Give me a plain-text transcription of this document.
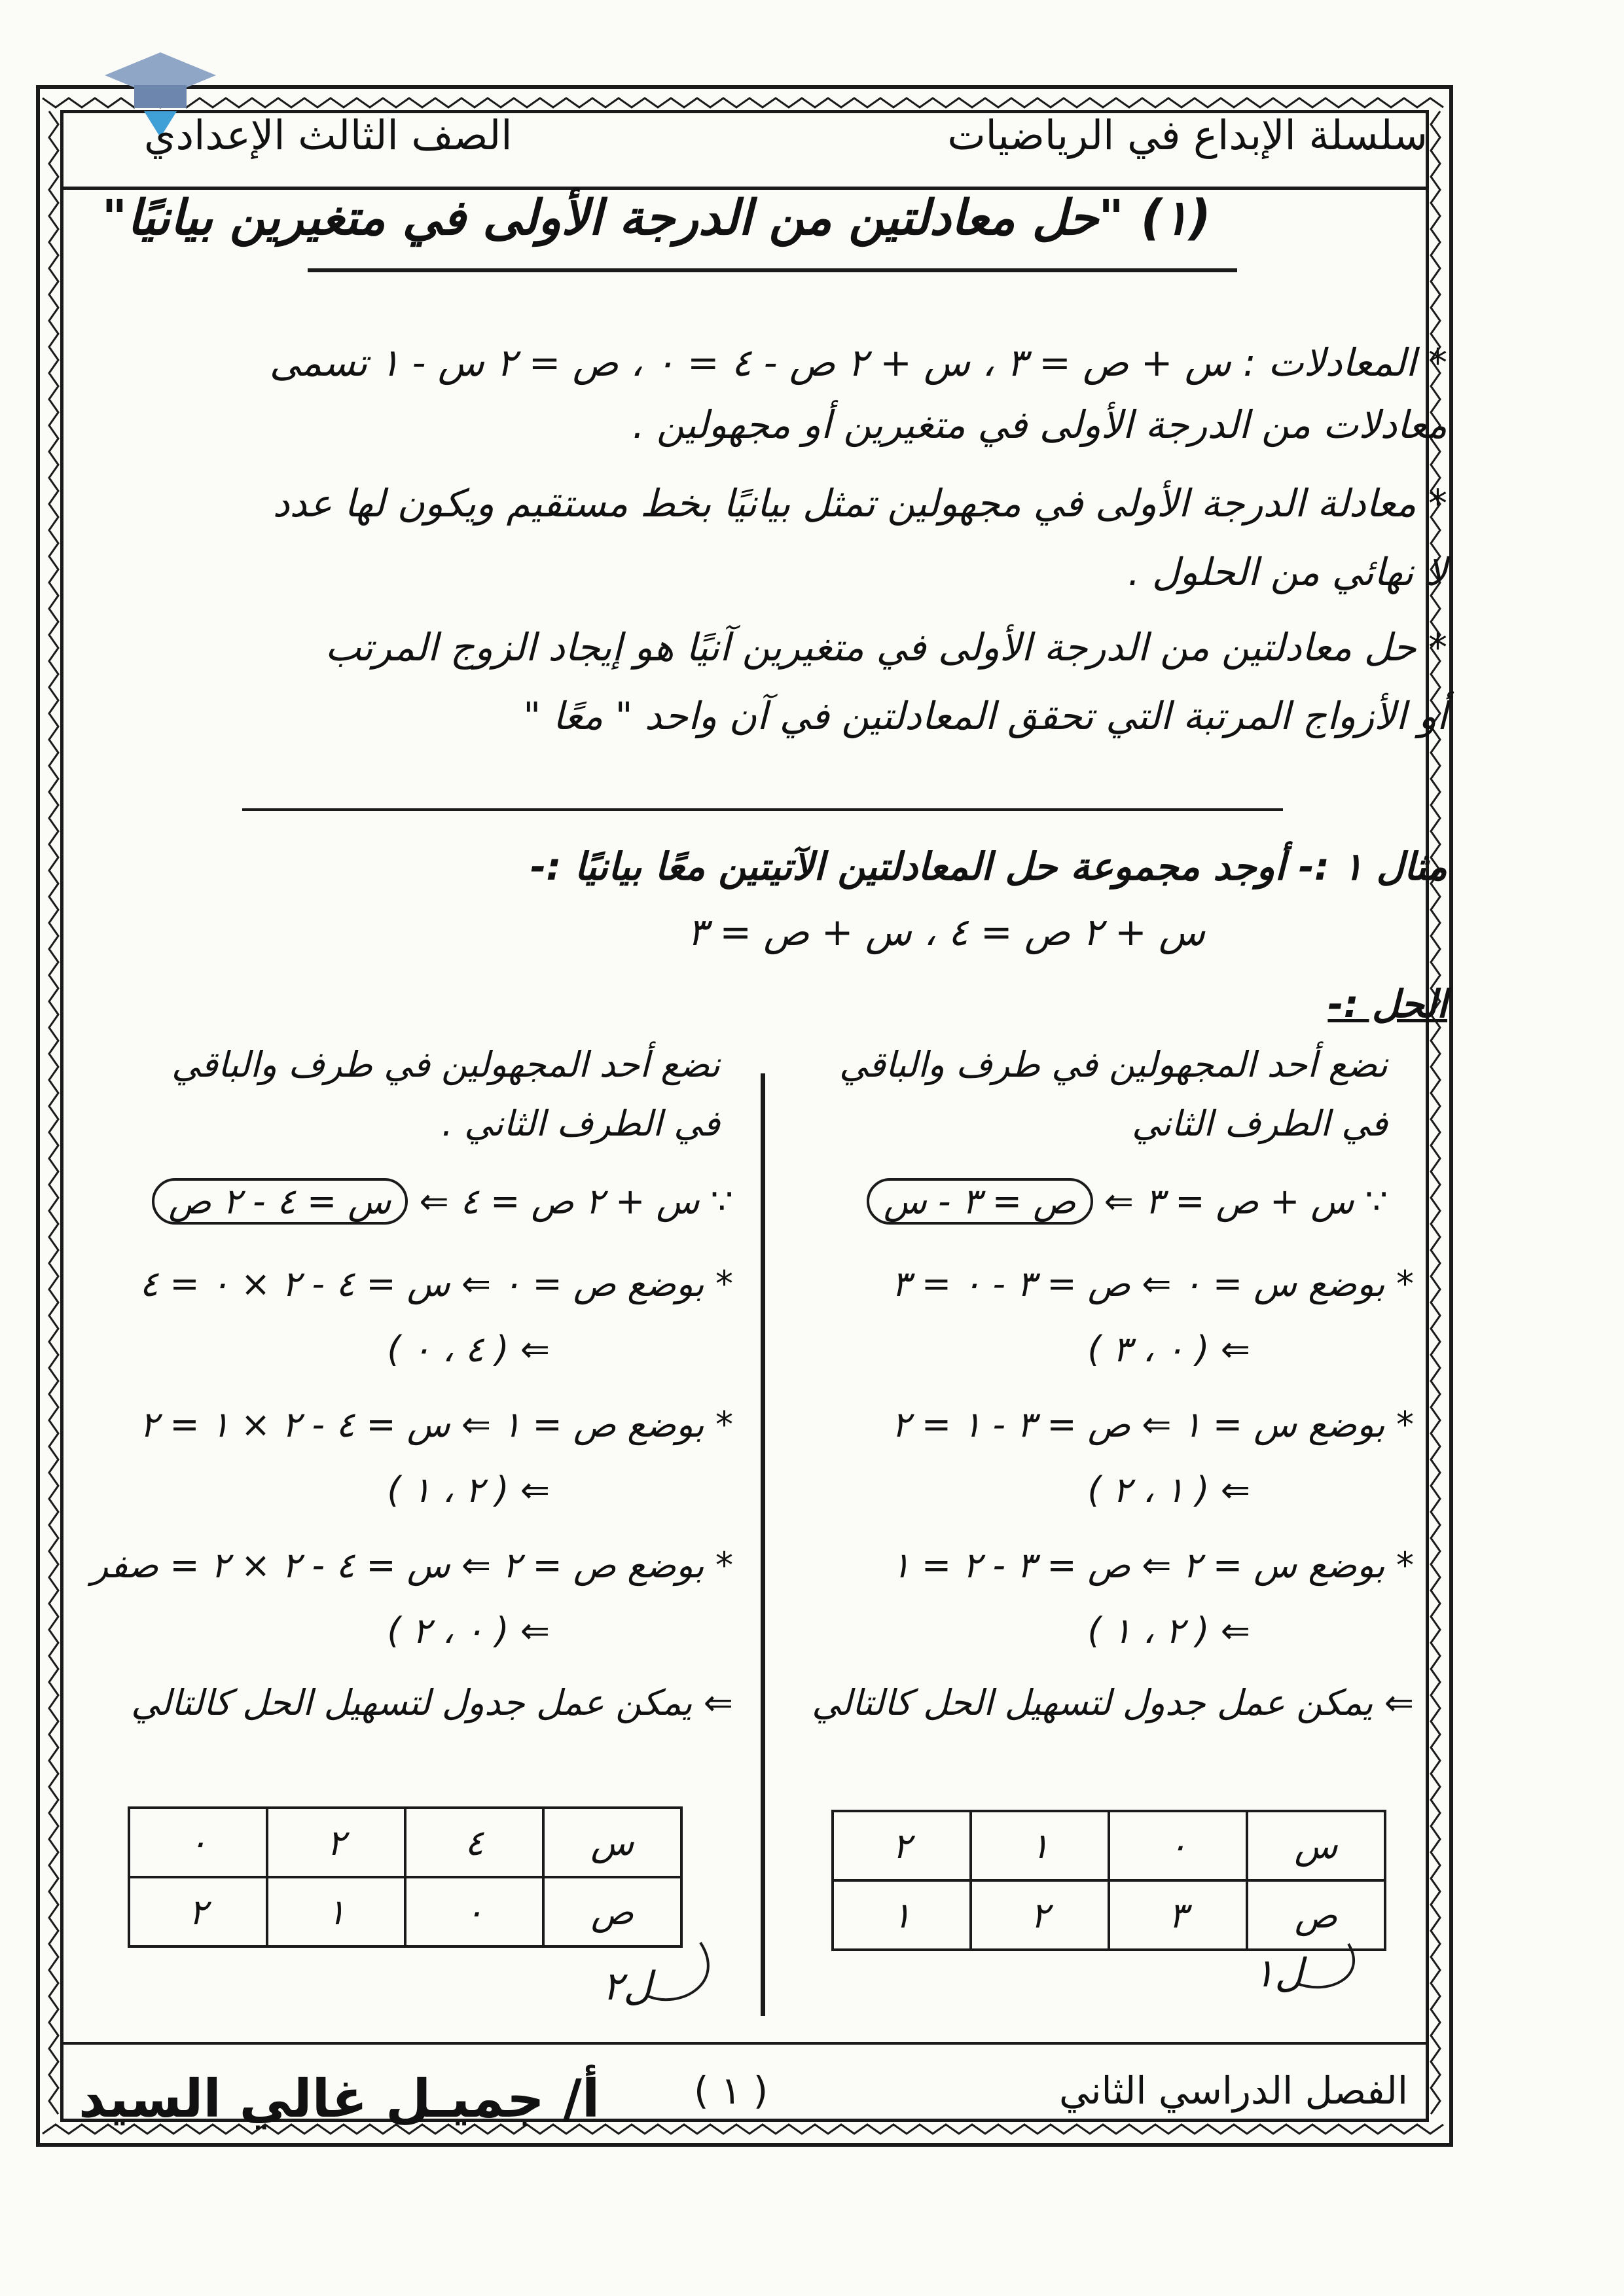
سلسلة الإبداع في الرياضيات
الصف الثالث الإعدادي
(١) "حل معادلتين من الدرجة الأولى في متغيرين بيانيًا"
* المعادلات : س + ص = ٣ ، س + ٢ ص - ٤ = ٠ ، ص = ٢ س - ١ تسمى
معادلات من الدرجة الأولى في متغيرين أو مجهولين .
* معادلة الدرجة الأولى في مجهولين تمثل بيانيًا بخط مستقيم ويكون لها عدد
لا نهائي من الحلول .
* حل معادلتين من الدرجة الأولى في متغيرين آنيًا هو إيجاد الزوج المرتب
أو الأزواج المرتبة التي تحقق المعادلتين في آن واحد " معًا "
مثال ١ :- أوجد مجموعة حل المعادلتين الآتيتين معًا بيانيًا :-
س + ٢ ص = ٤ ، س + ص = ٣
الحل :-
نضع أحد المجهولين في طرف والباقي
في الطرف الثاني
∵ س + ص = ٣ ⇐ ص = ٣ - س
* بوضع س = ٠ ⇐ ص = ٣ - ٠ = ٣
⇐ ( ٠ ، ٣ )
* بوضع س = ١ ⇐ ص = ٣ - ١ = ٢
⇐ ( ١ ، ٢ )
* بوضع س = ٢ ⇐ ص = ٣ - ٢ = ١
⇐ ( ٢ ، ١ )
⇐ يمكن عمل جدول لتسهيل الحل كالتالي
س	٠	١	٢
ص	٣	٢	١
ل١
نضع أحد المجهولين في طرف والباقي
في الطرف الثاني .
∵ س + ٢ ص = ٤ ⇐ س = ٤ - ٢ ص
* بوضع ص = ٠ ⇐ س = ٤ - ٢ × ٠ = ٤
⇐ ( ٤ ، ٠ )
* بوضع ص = ١ ⇐ س = ٤ - ٢ × ١ = ٢
⇐ ( ٢ ، ١ )
* بوضع ص = ٢ ⇐ س = ٤ - ٢ × ٢ = صفر
⇐ ( ٠ ، ٢ )
⇐ يمكن عمل جدول لتسهيل الحل كالتالي
س	٤	٢	٠
ص	٠	١	٢
ل٢
الفصل الدراسي الثاني
( ١ )
أ/ جميـل غالي السيد
